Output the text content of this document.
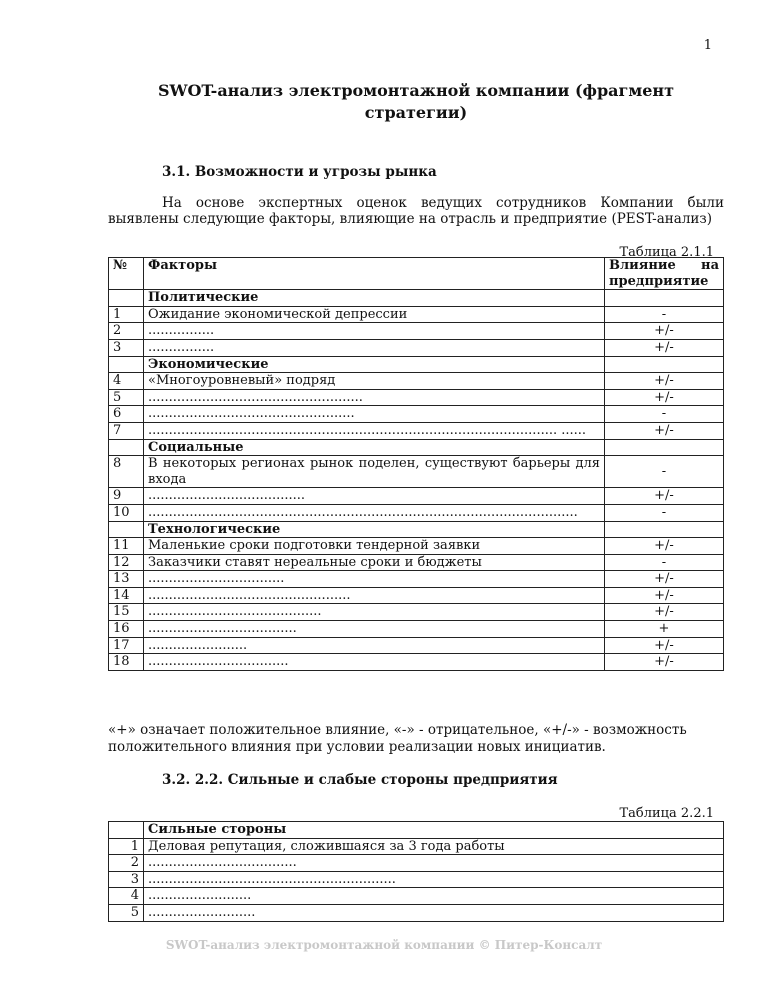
1
SWOT-анализ электромонтажной компании (фрагмент стратегии)
3.1. Возможности и угрозы рынка

На основе экспертных оценок ведущих сотрудников Компании были выявлены следующие факторы, влияющие на отрасль и предприятие (PEST-анализ)

Таблица 2.1.1
№	Факторы	Влияние на предприятие
	Политические	
1	Ожидание экономической депрессии	-
2	................	+/-
3	................	+/-
	Экономические	
4	«Многоуровневый» подряд	+/-
5	....................................................	+/-
6	..................................................	-
7	................................................................................................... ......	+/-
	Социальные	
8	В некоторых регионах рынок поделен, существуют барьеры для входа	-
9	......................................	+/-
10	........................................................................................................	-
	Технологические	
11	Маленькие сроки подготовки тендерной заявки	+/-
12	Заказчики ставят нереальные сроки и бюджеты	-
13	.................................	+/-
14	.................................................	+/-
15	..........................................	+/-
16	....................................	+
17	........................	+/-
18	..................................	+/-
«+» означает положительное влияние, «-» - отрицательное, «+/-» - возможность положительного влияния при условии реализации новых инициатив.
3.2. 2.2. Сильные и слабые стороны предприятия
Таблица 2.2.1
	Сильные стороны
1	Деловая репутация, сложившаяся за 3 года работы
2	....................................
3	............................................................
4	.........................
5	..........................
SWOT-анализ электромонтажной компании © Питер-Консалт
